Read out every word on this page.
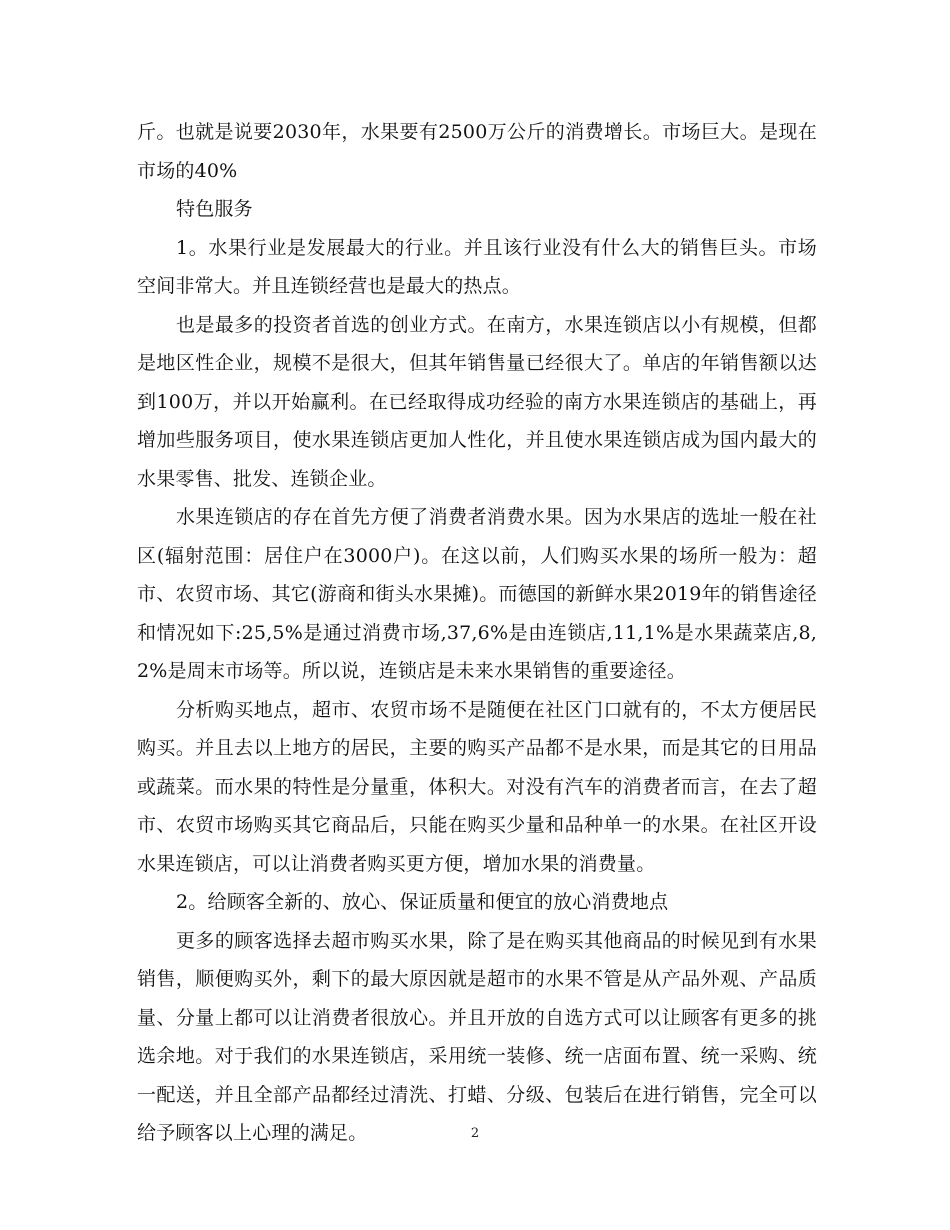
斤。也就是说要2030年，水果要有2500万公斤的消费增长。市场巨大。是现在市场的40%

特色服务

1。水果行业是发展最大的行业。并且该行业没有什么大的销售巨头。市场空间非常大。并且连锁经营也是最大的热点。

也是最多的投资者首选的创业方式。在南方，水果连锁店以小有规模，但都是地区性企业，规模不是很大，但其年销售量已经很大了。单店的年销售额以达到100万，并以开始赢利。在已经取得成功经验的南方水果连锁店的基础上，再增加些服务项目，使水果连锁店更加人性化，并且使水果连锁店成为国内最大的水果零售、批发、连锁企业。

水果连锁店的存在首先方便了消费者消费水果。因为水果店的选址一般在社区(辐射范围：居住户在3000户)。在这以前，人们购买水果的场所一般为：超市、农贸市场、其它(游商和街头水果摊)。而德国的新鲜水果2019年的销售途径和情况如下:25,5%是通过消费市场,37,6%是由连锁店,11,1%是水果蔬菜店,8,2%是周末市场等。所以说，连锁店是未来水果销售的重要途径。

分析购买地点，超市、农贸市场不是随便在社区门口就有的，不太方便居民购买。并且去以上地方的居民，主要的购买产品都不是水果，而是其它的日用品或蔬菜。而水果的特性是分量重，体积大。对没有汽车的消费者而言，在去了超市、农贸市场购买其它商品后，只能在购买少量和品种单一的水果。在社区开设水果连锁店，可以让消费者购买更方便，增加水果的消费量。

2。给顾客全新的、放心、保证质量和便宜的放心消费地点

更多的顾客选择去超市购买水果，除了是在购买其他商品的时候见到有水果销售，顺便购买外，剩下的最大原因就是超市的水果不管是从产品外观、产品质量、分量上都可以让消费者很放心。并且开放的自选方式可以让顾客有更多的挑选余地。对于我们的水果连锁店，采用统一装修、统一店面布置、统一采购、统一配送，并且全部产品都经过清洗、打蜡、分级、包装后在进行销售，完全可以给予顾客以上心理的满足。	2
